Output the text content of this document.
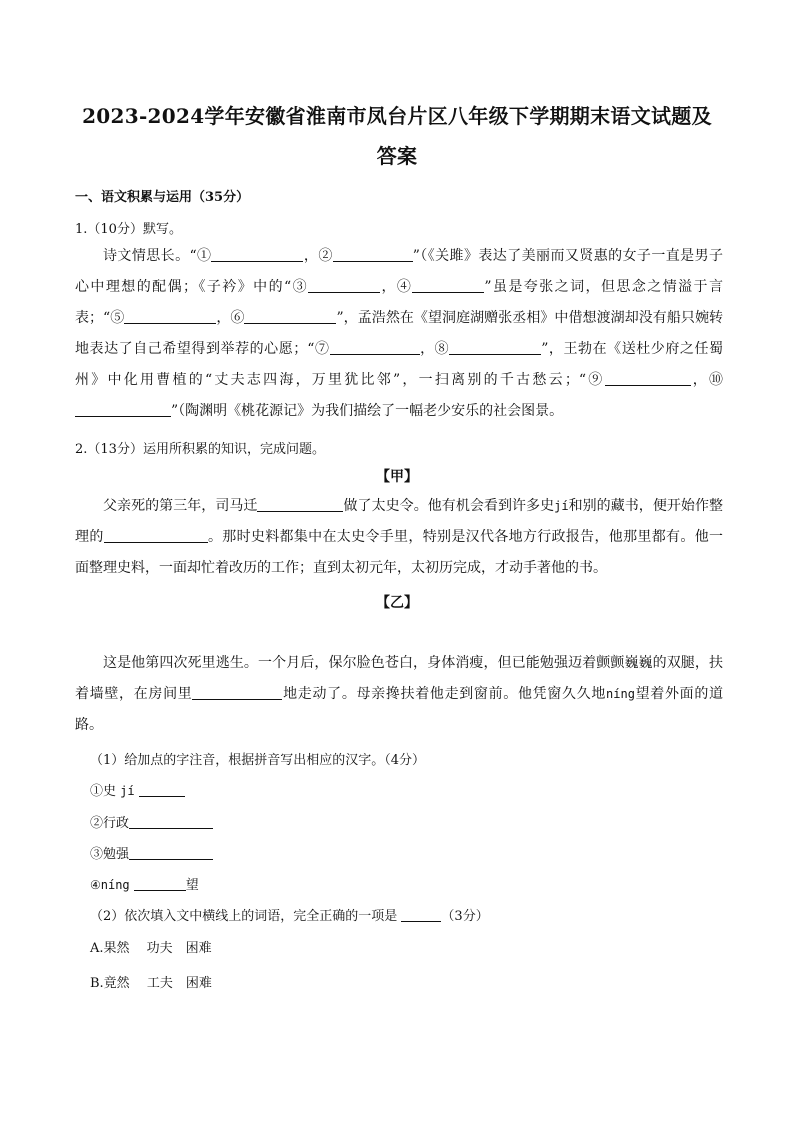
2023-2024学年安徽省淮南市凤台片区八年级下学期期末语文试题及
答案
一、语文积累与运用（35分）
1.（10分）默写。
诗文情思长。“①	，②	”（《关雎》表达了美丽而又贤惠的女子一直是男子心中理想的配偶；《子衿》中的“③	，④	”虽是夸张之词，但思念之情溢于言表；“⑤	，⑥	”，孟浩然在《望洞庭湖赠张丞相》中借想渡湖却没有船只婉转地表达了自己希望得到举荐的心愿；“⑦	，⑧	”，王勃在《送杜少府之任蜀州》中化用曹植的“丈夫志四海，万里犹比邻”，一扫离别的千古愁云；“⑨	，⑩”（陶渊明《桃花源记》为我们描绘了一幅老少安乐的社会图景。
2.（13分）运用所积累的知识，完成问题。
【甲】
父亲死的第三年，司马迁	做了太史令。他有机会看到许多史jí和别的藏书，便开始作整理的	。那时史料都集中在太史令手里，特别是汉代各地方行政报告，他那里都有。他一面整理史料，一面却忙着改历的工作；直到太初元年，太初历完成，才动手著他的书。
【乙】
这是他第四次死里逃生。一个月后，保尔脸色苍白，身体消瘦，但已能勉强迈着颤颤巍巍的双腿，扶着墙壁，在房间里	地走动了。母亲搀扶着他走到窗前。他凭窗久久地níng望着外面的道路。
（1）给加点的字注音，根据拼音写出相应的汉字。（4分）
①史 jí
②行政
③勉强
④níng	望
（2）依次填入文中横线上的词语，完全正确的一项是	（3分）
A.果然　 功夫　困难
B.竟然　 工夫　困难
